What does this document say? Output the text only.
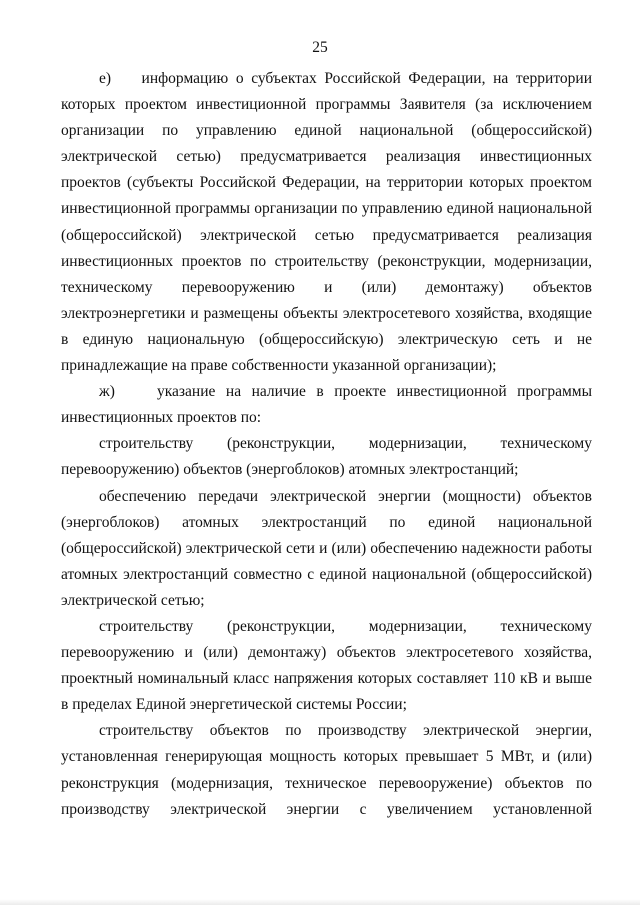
25

е)    информацию о субъектах Российской Федерации, на территории которых проектом инвестиционной программы Заявителя (за исключением организации по управлению единой национальной (общероссийской) электрической сетью) предусматривается реализация инвестиционных проектов (субъекты Российской Федерации, на территории которых проектом инвестиционной программы организации по управлению единой национальной (общероссийской) электрической сетью предусматривается реализация инвестиционных проектов по строительству (реконструкции, модернизации, техническому перевооружению и (или) демонтажу) объектов электроэнергетики и размещены объекты электросетевого хозяйства, входящие в единую национальную (общероссийскую) электрическую сеть и не принадлежащие на праве собственности указанной организации);

ж)    указание на наличие в проекте инвестиционной программы инвестиционных проектов по:

строительству (реконструкции, модернизации, техническому перевооружению) объектов (энергоблоков) атомных электростанций;

обеспечению передачи электрической энергии (мощности) объектов (энергоблоков) атомных электростанций по единой национальной (общероссийской) электрической сети и (или) обеспечению надежности работы атомных электростанций совместно с единой национальной (общероссийской) электрической сетью;

строительству (реконструкции, модернизации, техническому перевооружению и (или) демонтажу) объектов электросетевого хозяйства, проектный номинальный класс напряжения которых составляет 110 кВ и выше в пределах Единой энергетической системы России;

строительству объектов по производству электрической энергии, установленная генерирующая мощность которых превышает 5 МВт, и (или) реконструкция (модернизация, техническое перевооружение) объектов по производству электрической энергии с увеличением установленной
